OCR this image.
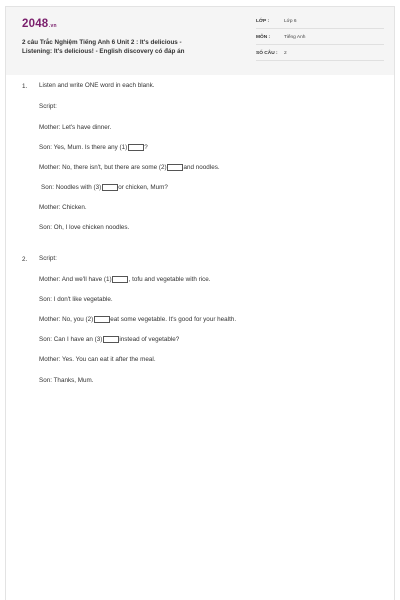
2048.vn
2 câu Trắc Nghiệm Tiếng Anh 6 Unit 2 : It's delicious -
Listening: It's delicious! - English discovery có đáp án
LỚP :	Lớp 6
MÔN :	Tiếng Anh
SỐ CÂU : 2
1. Listen and write ONE word in each blank.
Script:
Mother: Let's have dinner.
Son: Yes, Mum. Is there any (1)	?
Mother: No, there isn't, but there are some (2)	and noodles.
Son: Noodles with (3)	or chicken, Mum?
Mother: Chicken.
Son: Oh, I love chicken noodles.
2. Script:
Mother: And we'll have (1)	, tofu and vegetable with rice.
Son: I don't like vegetable.
Mother: No, you (2)	eat some vegetable. It's good for your health.
Son: Can I have an (3)	instead of vegetable?
Mother: Yes. You can eat it after the meal.
Son: Thanks, Mum.
